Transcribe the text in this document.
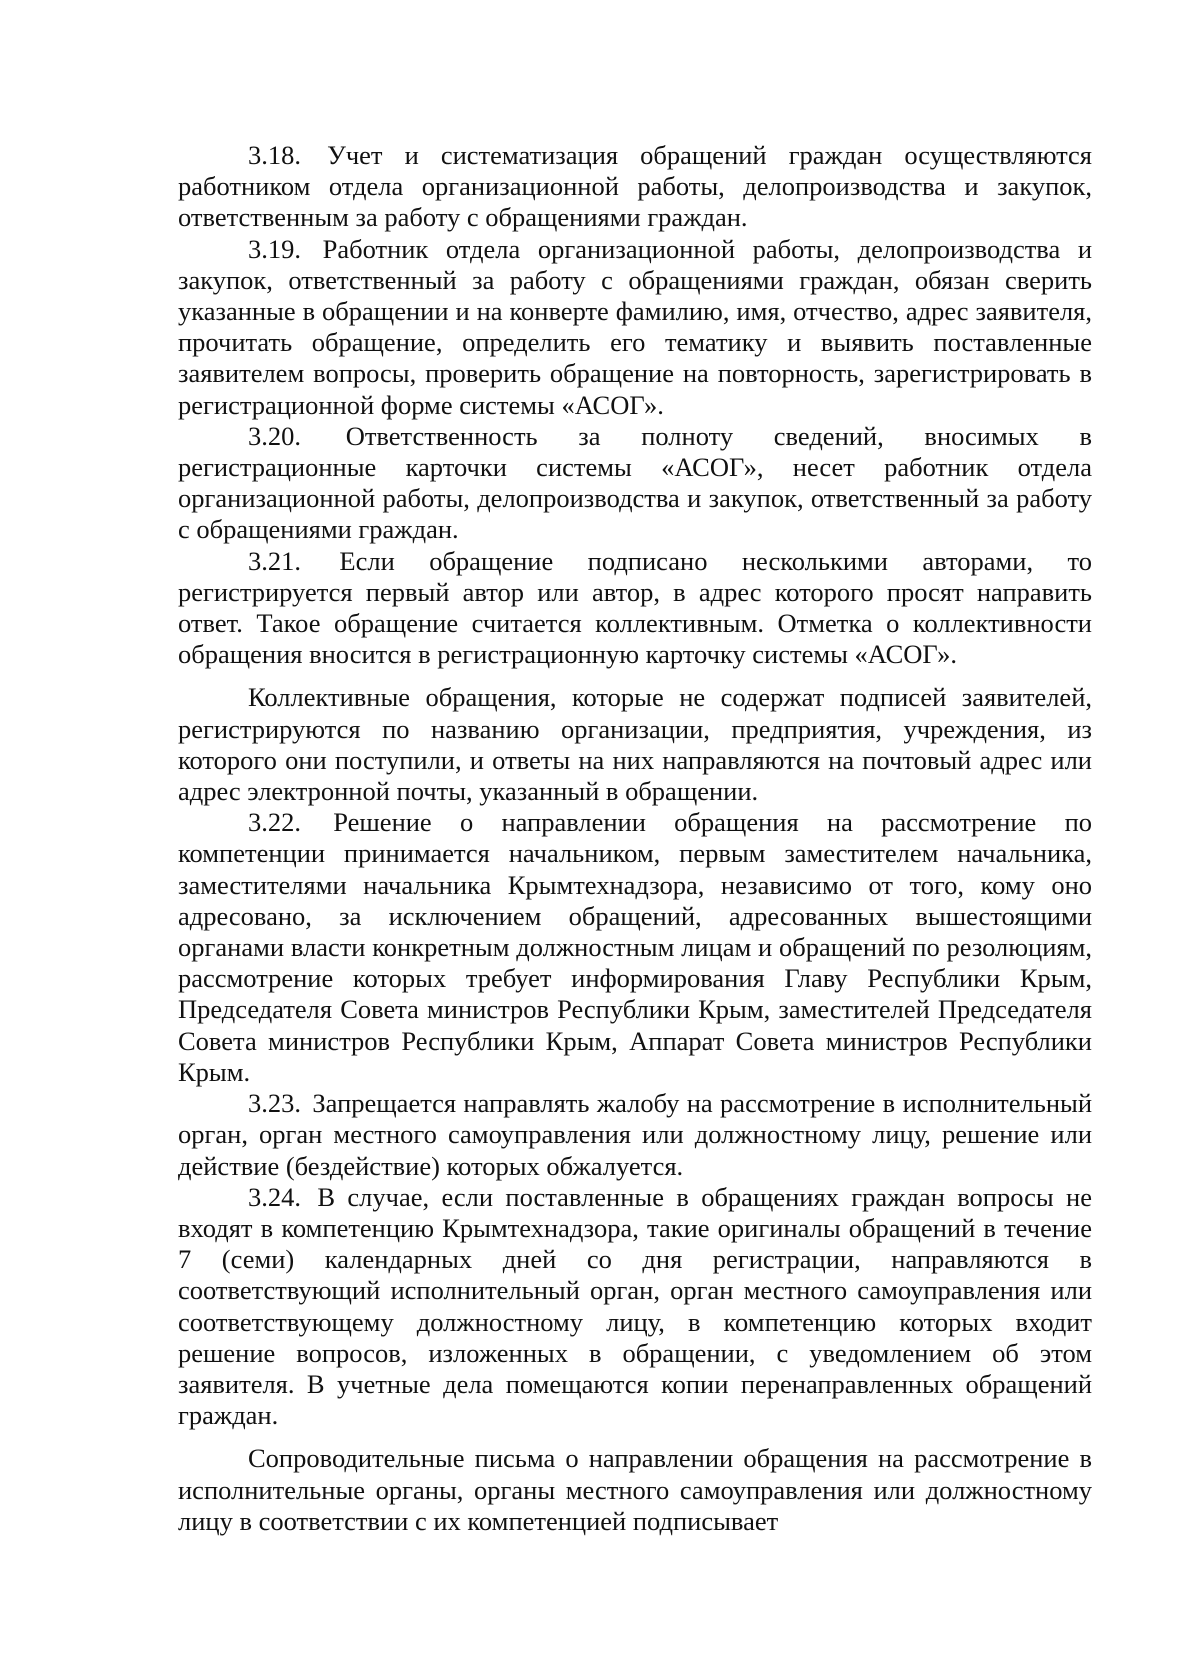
3.18. Учет и систематизация обращений граждан осуществляются работником отдела организационной работы, делопроизводства и закупок, ответственным за работу с обращениями граждан.

3.19. Работник отдела организационной работы, делопроизводства и закупок, ответственный за работу с обращениями граждан, обязан сверить указанные в обращении и на конверте фамилию, имя, отчество, адрес заявителя, прочитать обращение, определить его тематику и выявить поставленные заявителем вопросы, проверить обращение на повторность, зарегистрировать в регистрационной форме системы «АСОГ».

3.20. Ответственность за полноту сведений, вносимых в регистрационные карточки системы «АСОГ», несет работник отдела организационной работы, делопроизводства и закупок, ответственный за работу с обращениями граждан.

3.21. Если обращение подписано несколькими авторами, то регистрируется первый автор или автор, в адрес которого просят направить ответ. Такое обращение считается коллективным. Отметка о коллективности обращения вносится в регистрационную карточку системы «АСОГ».

Коллективные обращения, которые не содержат подписей заявителей, регистрируются по названию организации, предприятия, учреждения, из которого они поступили, и ответы на них направляются на почтовый адрес или адрес электронной почты, указанный в обращении.

3.22. Решение о направлении обращения на рассмотрение по компетенции принимается начальником, первым заместителем начальника, заместителями начальника Крымтехнадзора, независимо от того, кому оно адресовано, за исключением обращений, адресованных вышестоящими органами власти конкретным должностным лицам и обращений по резолюциям, рассмотрение которых требует информирования Главу Республики Крым, Председателя Совета министров Республики Крым, заместителей Председателя Совета министров Республики Крым, Аппарат Совета министров Республики Крым.

3.23. Запрещается направлять жалобу на рассмотрение в исполнительный орган, орган местного самоуправления или должностному лицу, решение или действие (бездействие) которых обжалуется.

3.24. В случае, если поставленные в обращениях граждан вопросы не входят в компетенцию Крымтехнадзора, такие оригиналы обращений в течение 7 (семи) календарных дней со дня регистрации, направляются в соответствующий исполнительный орган, орган местного самоуправления или соответствующему должностному лицу, в компетенцию которых входит решение вопросов, изложенных в обращении, с уведомлением об этом заявителя. В учетные дела помещаются копии перенаправленных обращений граждан.

Сопроводительные письма о направлении обращения на рассмотрение в исполнительные органы, органы местного самоуправления или должностному лицу в соответствии с их компетенцией подписывает
